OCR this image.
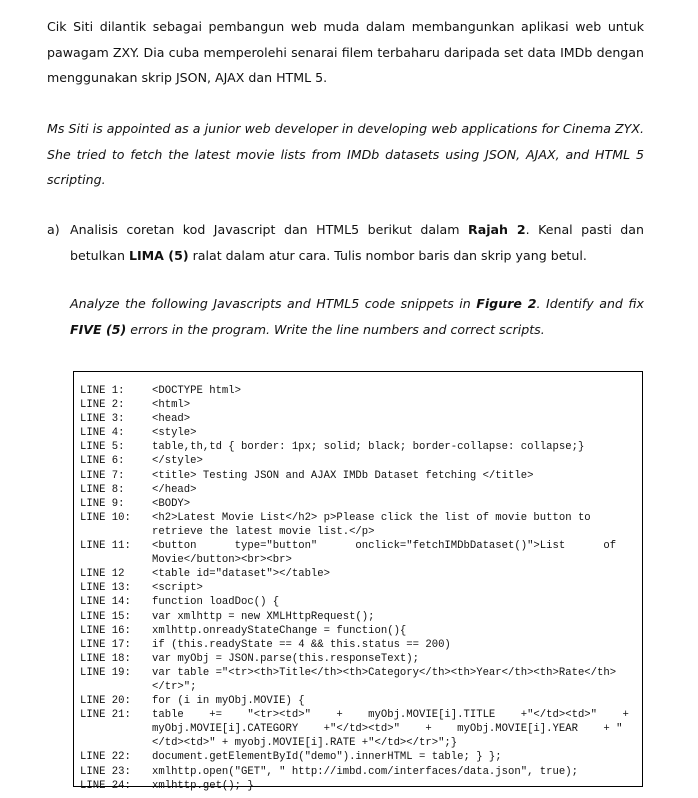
Cik Siti dilantik sebagai pembangun web muda dalam membangunkan aplikasi web untuk pawagam ZXY. Dia cuba memperolehi senarai filem terbaharu daripada set data IMDb dengan menggunakan skrip JSON, AJAX dan HTML 5.
Ms Siti is appointed as a junior web developer in developing web applications for Cinema ZYX. She tried to fetch the latest movie lists from IMDb datasets using JSON, AJAX, and HTML 5 scripting.
a) Analisis coretan kod Javascript dan HTML5 berikut dalam Rajah 2. Kenal pasti dan betulkan LIMA (5) ralat dalam atur cara. Tulis nombor baris dan skrip yang betul.
Analyze the following Javascripts and HTML5 code snippets in Figure 2. Identify and fix FIVE (5) errors in the program. Write the line numbers and correct scripts.
LINE 1:	<DOCTYPE html>
LINE 2:	<html>
LINE 3:	<head>
LINE 4:	<style>
LINE 5:	table,th,td { border: 1px; solid; black; border-collapse: collapse;}
LINE 6:	</style>
LINE 7:	<title> Testing JSON and AJAX IMDb Dataset fetching </title>
LINE 8:	</head>
LINE 9:	<BODY>
LINE 10:	<h2>Latest Movie List</h2> p>Please click the list of movie button to retrieve the latest movie list.</p>
LINE 11:	<button      type="button"      onclick="fetchIMDbDataset()">List      of Movie</button><br><br>
LINE 12	<table id="dataset"></table>
LINE 13:	<script>
LINE 14:	function loadDoc() {
LINE 15:	var xmlhttp = new XMLHttpRequest();
LINE 16:	xmlhttp.onreadyStateChange = function(){
LINE 17:	if (this.readyState == 4 && this.status == 200)
LINE 18:	var myObj = JSON.parse(this.responseText);
LINE 19:	var table ="<tr><th>Title</th><th>Category</th><th>Year</th><th>Rate</th></tr>";
LINE 20:	for (i in myObj.MOVIE) {
LINE 21:	table    +=    "<tr><td>"    +    myObj.MOVIE[i].TITLE    +"</td><td>"    + myObj.MOVIE[i].CATEGORY    +"</td><td>"    +    myObj.MOVIE[i].YEAR    + "</td><td>" + myobj.MOVIE[i].RATE +"</td></tr>";}
LINE 22:	document.getElementById("demo").innerHTML = table; } };
LINE 23:	xmlhttp.open("GET", " http://imbd.com/interfaces/data.json", true);
LINE 24:	xmlhttp.get(); }
